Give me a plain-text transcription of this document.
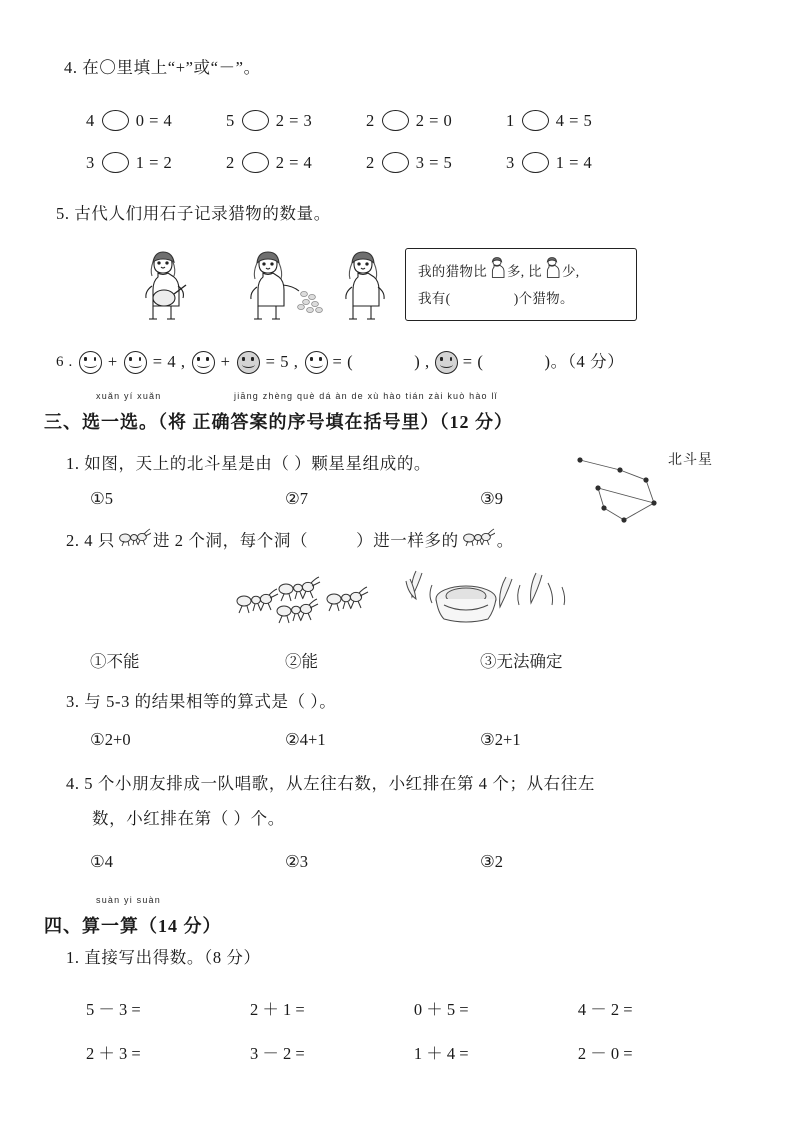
4. 在〇里填上“+”或“－”。
4 0 = 4	5 2 = 3	2 2 = 0	1 4 = 5
3 1 = 2	2 2 = 4	2 3 = 5	3 1 = 4
5. 古代人们用石子记录猎物的数量。
我的猎物比 多, 比 少,
我有(	)个猎物。
6 . + = 4 , + = 5 , = (	) , = (	)。（4 分）
xuǎn yí xuǎn	jiāng zhèng què dá àn de xù hào tián zài kuò hào lǐ
三、选一选。（将 正确答案的序号填在括号里）（12 分）
1. 如图，天上的北斗星是由（ ）颗星星组成的。	北斗星
①5	②7	③9
2. 4 只 进 2 个洞，每个洞（	）进一样多的 。
①不能	②能	③无法确定
3. 与 5-3 的结果相等的算式是（ ）。
①2+0	②4+1	③2+1
4. 5 个小朋友排成一队唱歌，从左往右数，小红排在第 4 个；从右往左
数，小红排在第（ ）个。
①4	②3	③2
suàn yi suàn
四、算一算（14 分）
1. 直接写出得数。（8 分）
5 － 3 =	2 ＋ 1 =	0 ＋ 5 =	4 － 2 =
2 ＋ 3 =	3 － 2 =	1 ＋ 4 =	2 － 0 =
